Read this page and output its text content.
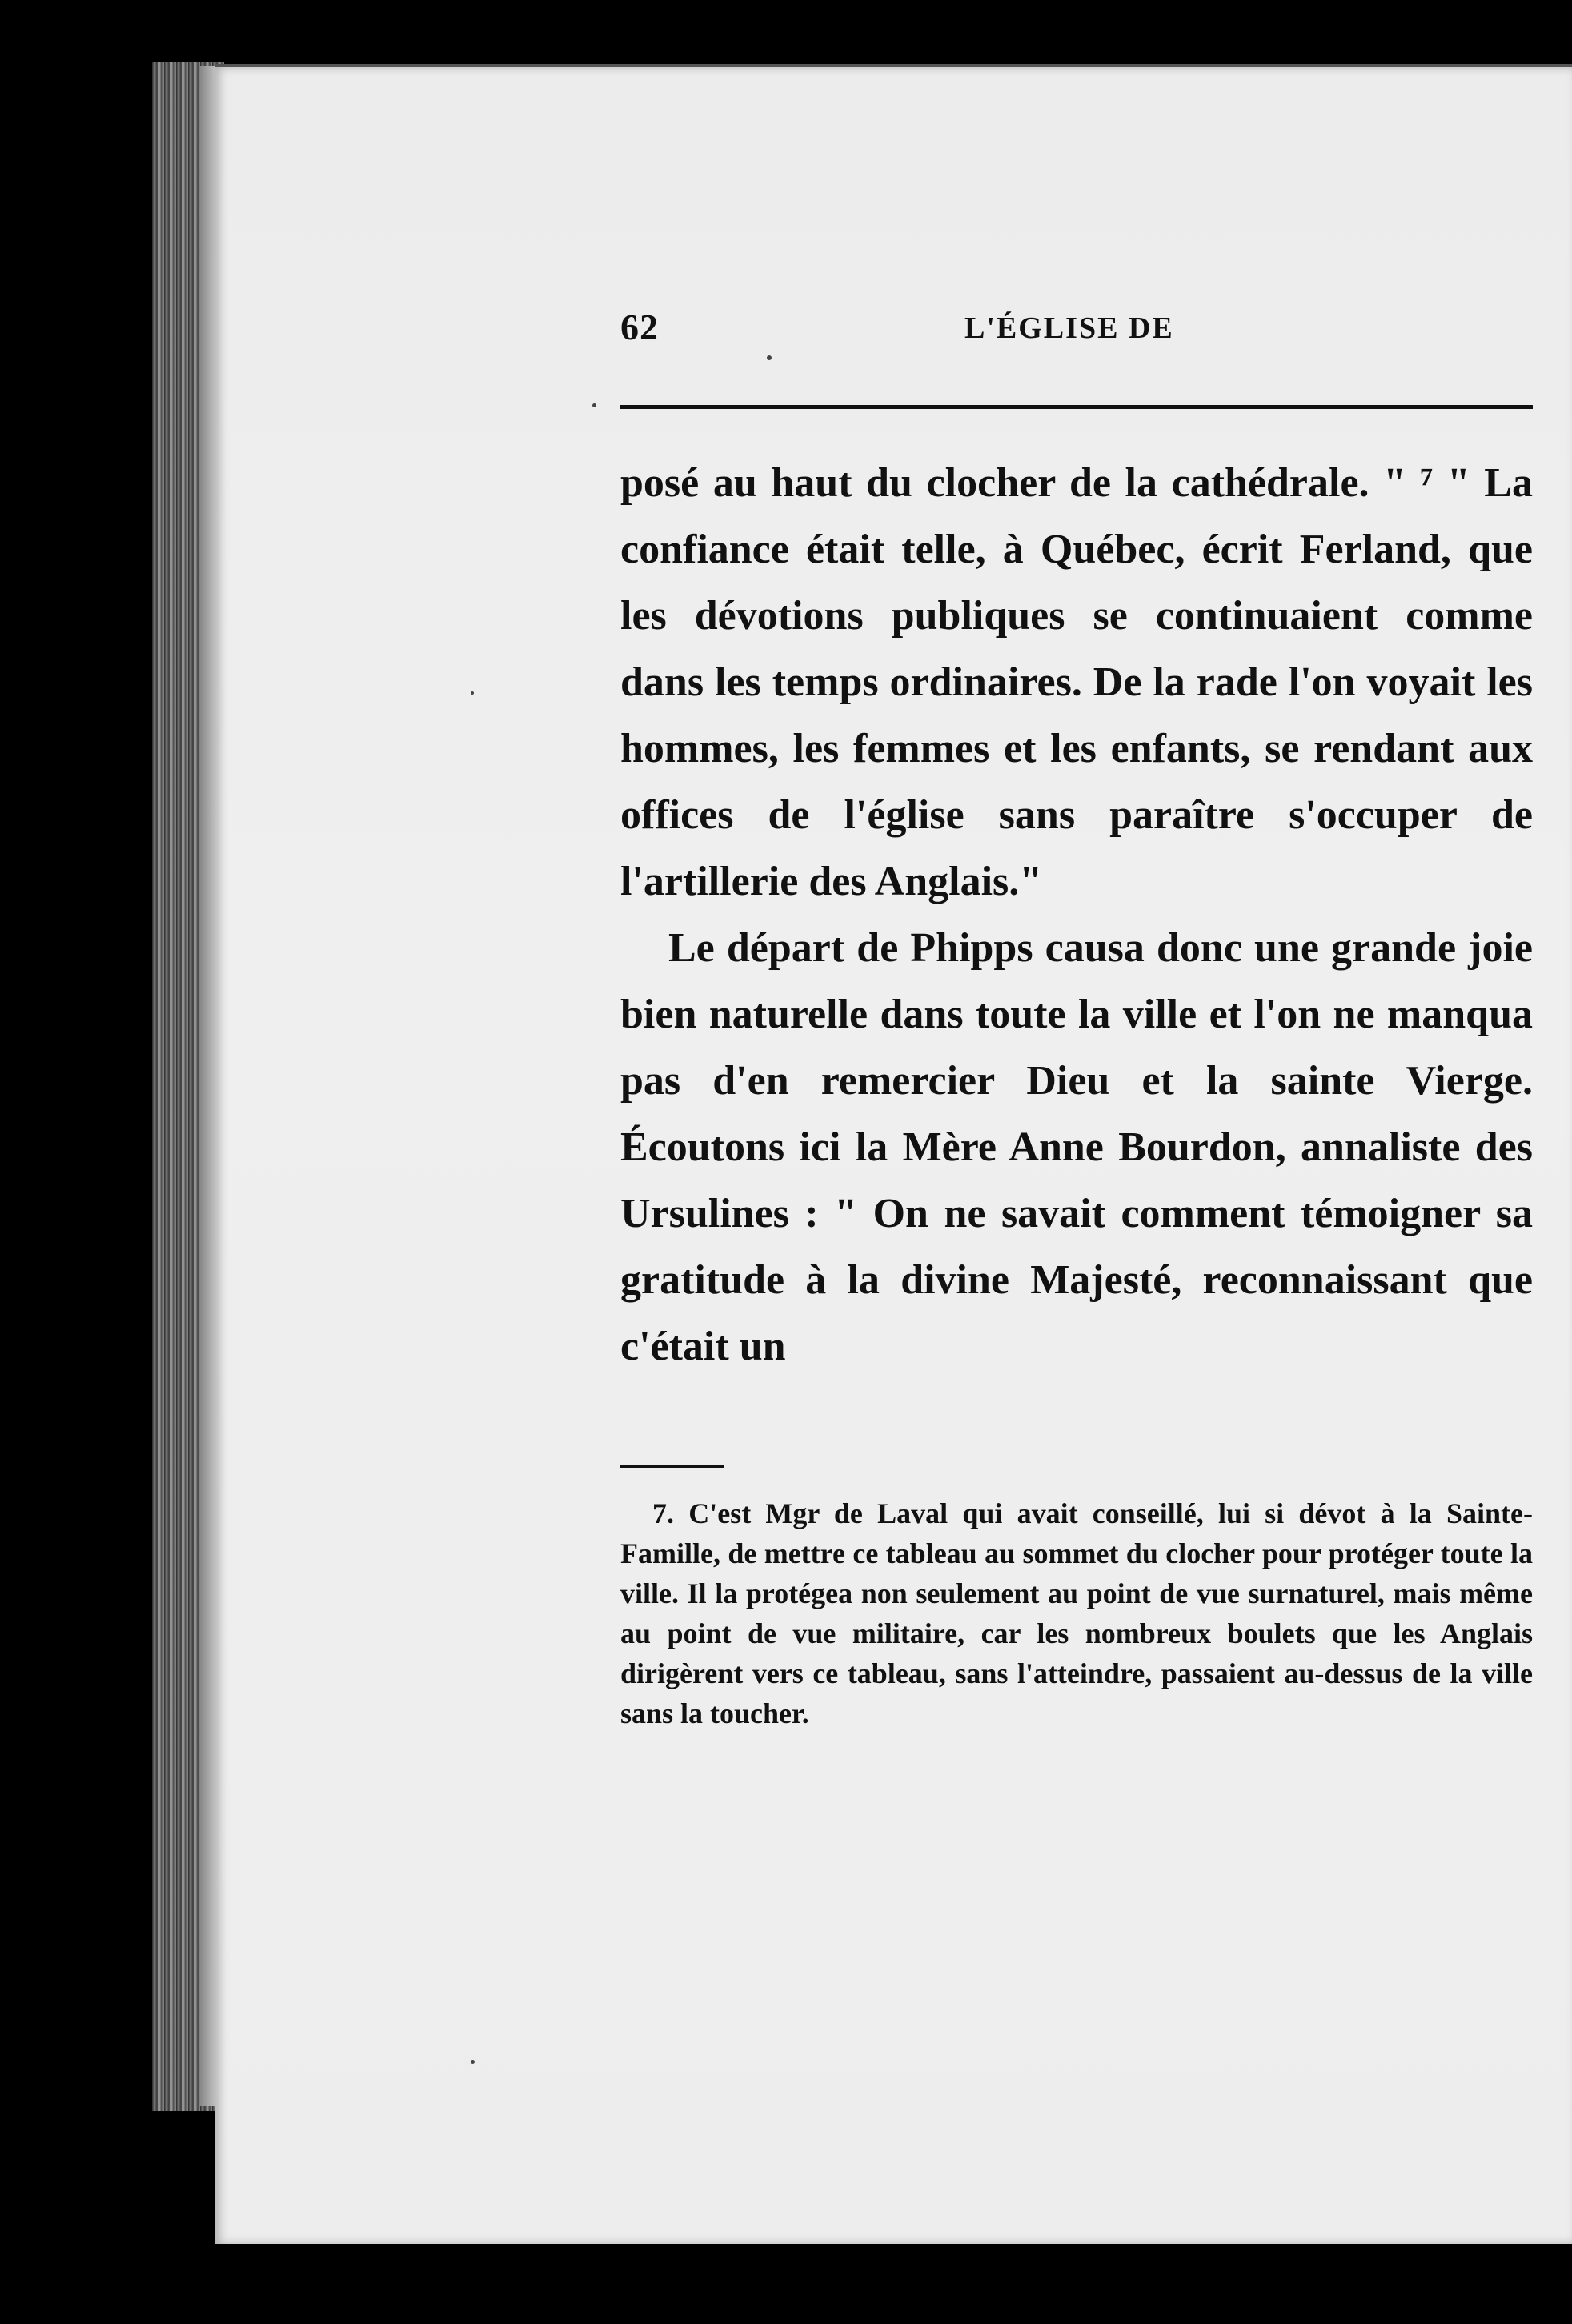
62	L'ÉGLISE DE

posé au haut du clocher de la cathédrale. " ⁷ " La confiance était telle, à Québec, écrit Ferland, que les dévotions publiques se continuaient comme dans les temps ordinaires. De la rade l'on voyait les hommes, les femmes et les enfants, se rendant aux offices de l'église sans paraître s'occuper de l'artillerie des Anglais."

Le départ de Phipps causa donc une grande joie bien naturelle dans toute la ville et l'on ne manqua pas d'en remercier Dieu et la sainte Vierge. Écoutons ici la Mère Anne Bourdon, annaliste des Ursulines : " On ne savait comment témoigner sa gratitude à la divine Majesté, reconnaissant que c'était un

7. C'est Mgr de Laval qui avait conseillé, lui si dévot à la Sainte-Famille, de mettre ce tableau au sommet du clocher pour protéger toute la ville. Il la protégea non seulement au point de vue surnaturel, mais même au point de vue militaire, car les nombreux boulets que les Anglais dirigèrent vers ce tableau, sans l'atteindre, passaient au-dessus de la ville sans la toucher.
